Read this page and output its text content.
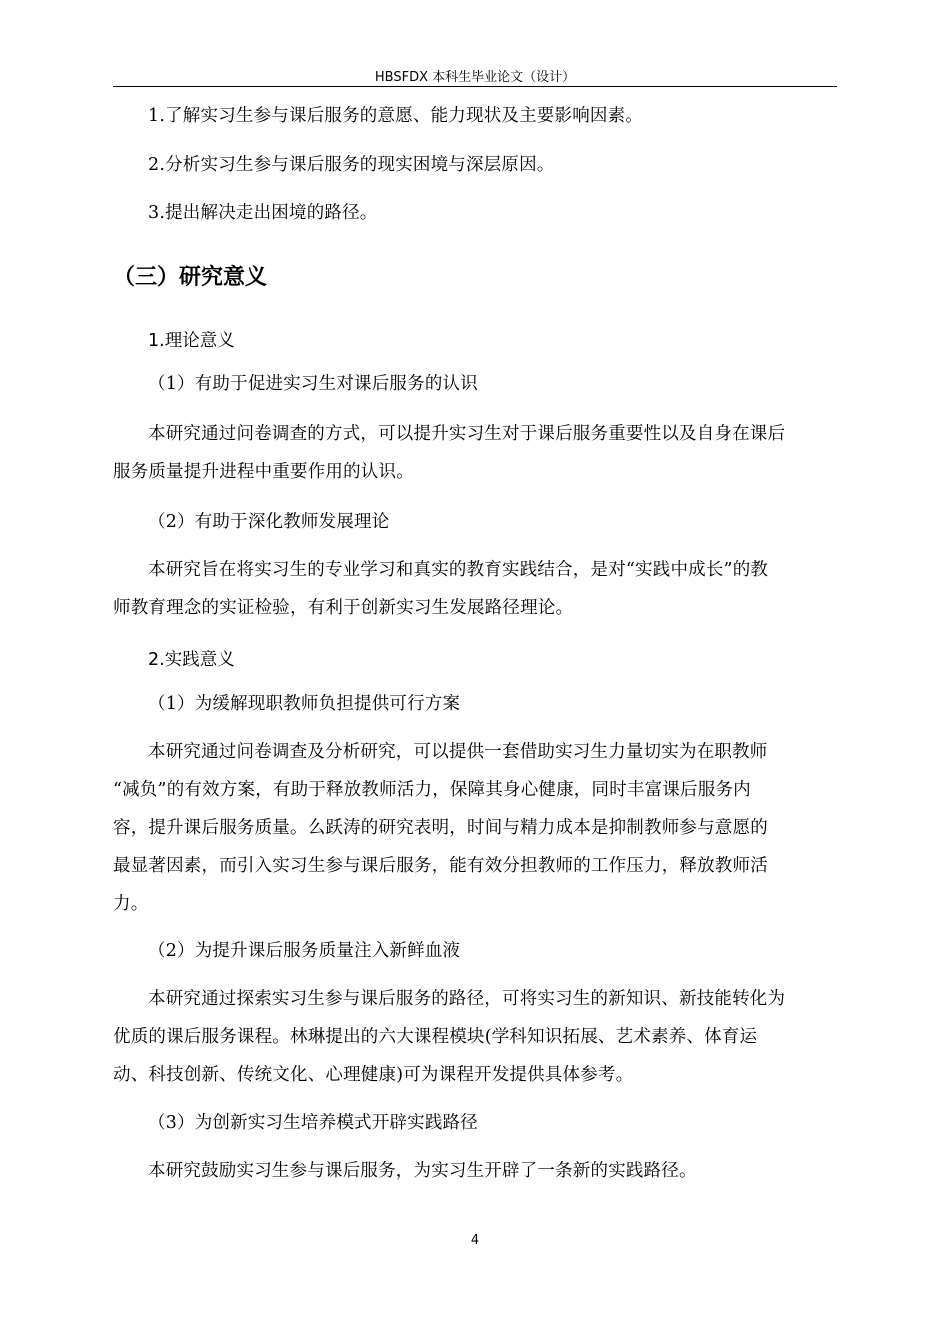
HBSFDX 本科生毕业论文（设计）
1.了解实习生参与课后服务的意愿、能力现状及主要影响因素。
2.分析实习生参与课后服务的现实困境与深层原因。
3.提出解决走出困境的路径。
（三）研究意义
1.理论意义
（1）有助于促进实习生对课后服务的认识
本研究通过问卷调查的方式，可以提升实习生对于课后服务重要性以及自身在课后
服务质量提升进程中重要作用的认识。
（2）有助于深化教师发展理论
本研究旨在将实习生的专业学习和真实的教育实践结合，是对“实践中成长”的教
师教育理念的实证检验，有利于创新实习生发展路径理论。
2.实践意义
（1）为缓解现职教师负担提供可行方案
本研究通过问卷调查及分析研究，可以提供一套借助实习生力量切实为在职教师
“减负”的有效方案，有助于释放教师活力，保障其身心健康，同时丰富课后服务内
容，提升课后服务质量。么跃涛的研究表明，时间与精力成本是抑制教师参与意愿的
最显著因素，而引入实习生参与课后服务，能有效分担教师的工作压力，释放教师活
力。
（2）为提升课后服务质量注入新鲜血液
本研究通过探索实习生参与课后服务的路径，可将实习生的新知识、新技能转化为
优质的课后服务课程。林琳提出的六大课程模块(学科知识拓展、艺术素养、体育运
动、科技创新、传统文化、心理健康)可为课程开发提供具体参考。
（3）为创新实习生培养模式开辟实践路径
本研究鼓励实习生参与课后服务，为实习生开辟了一条新的实践路径。
4
